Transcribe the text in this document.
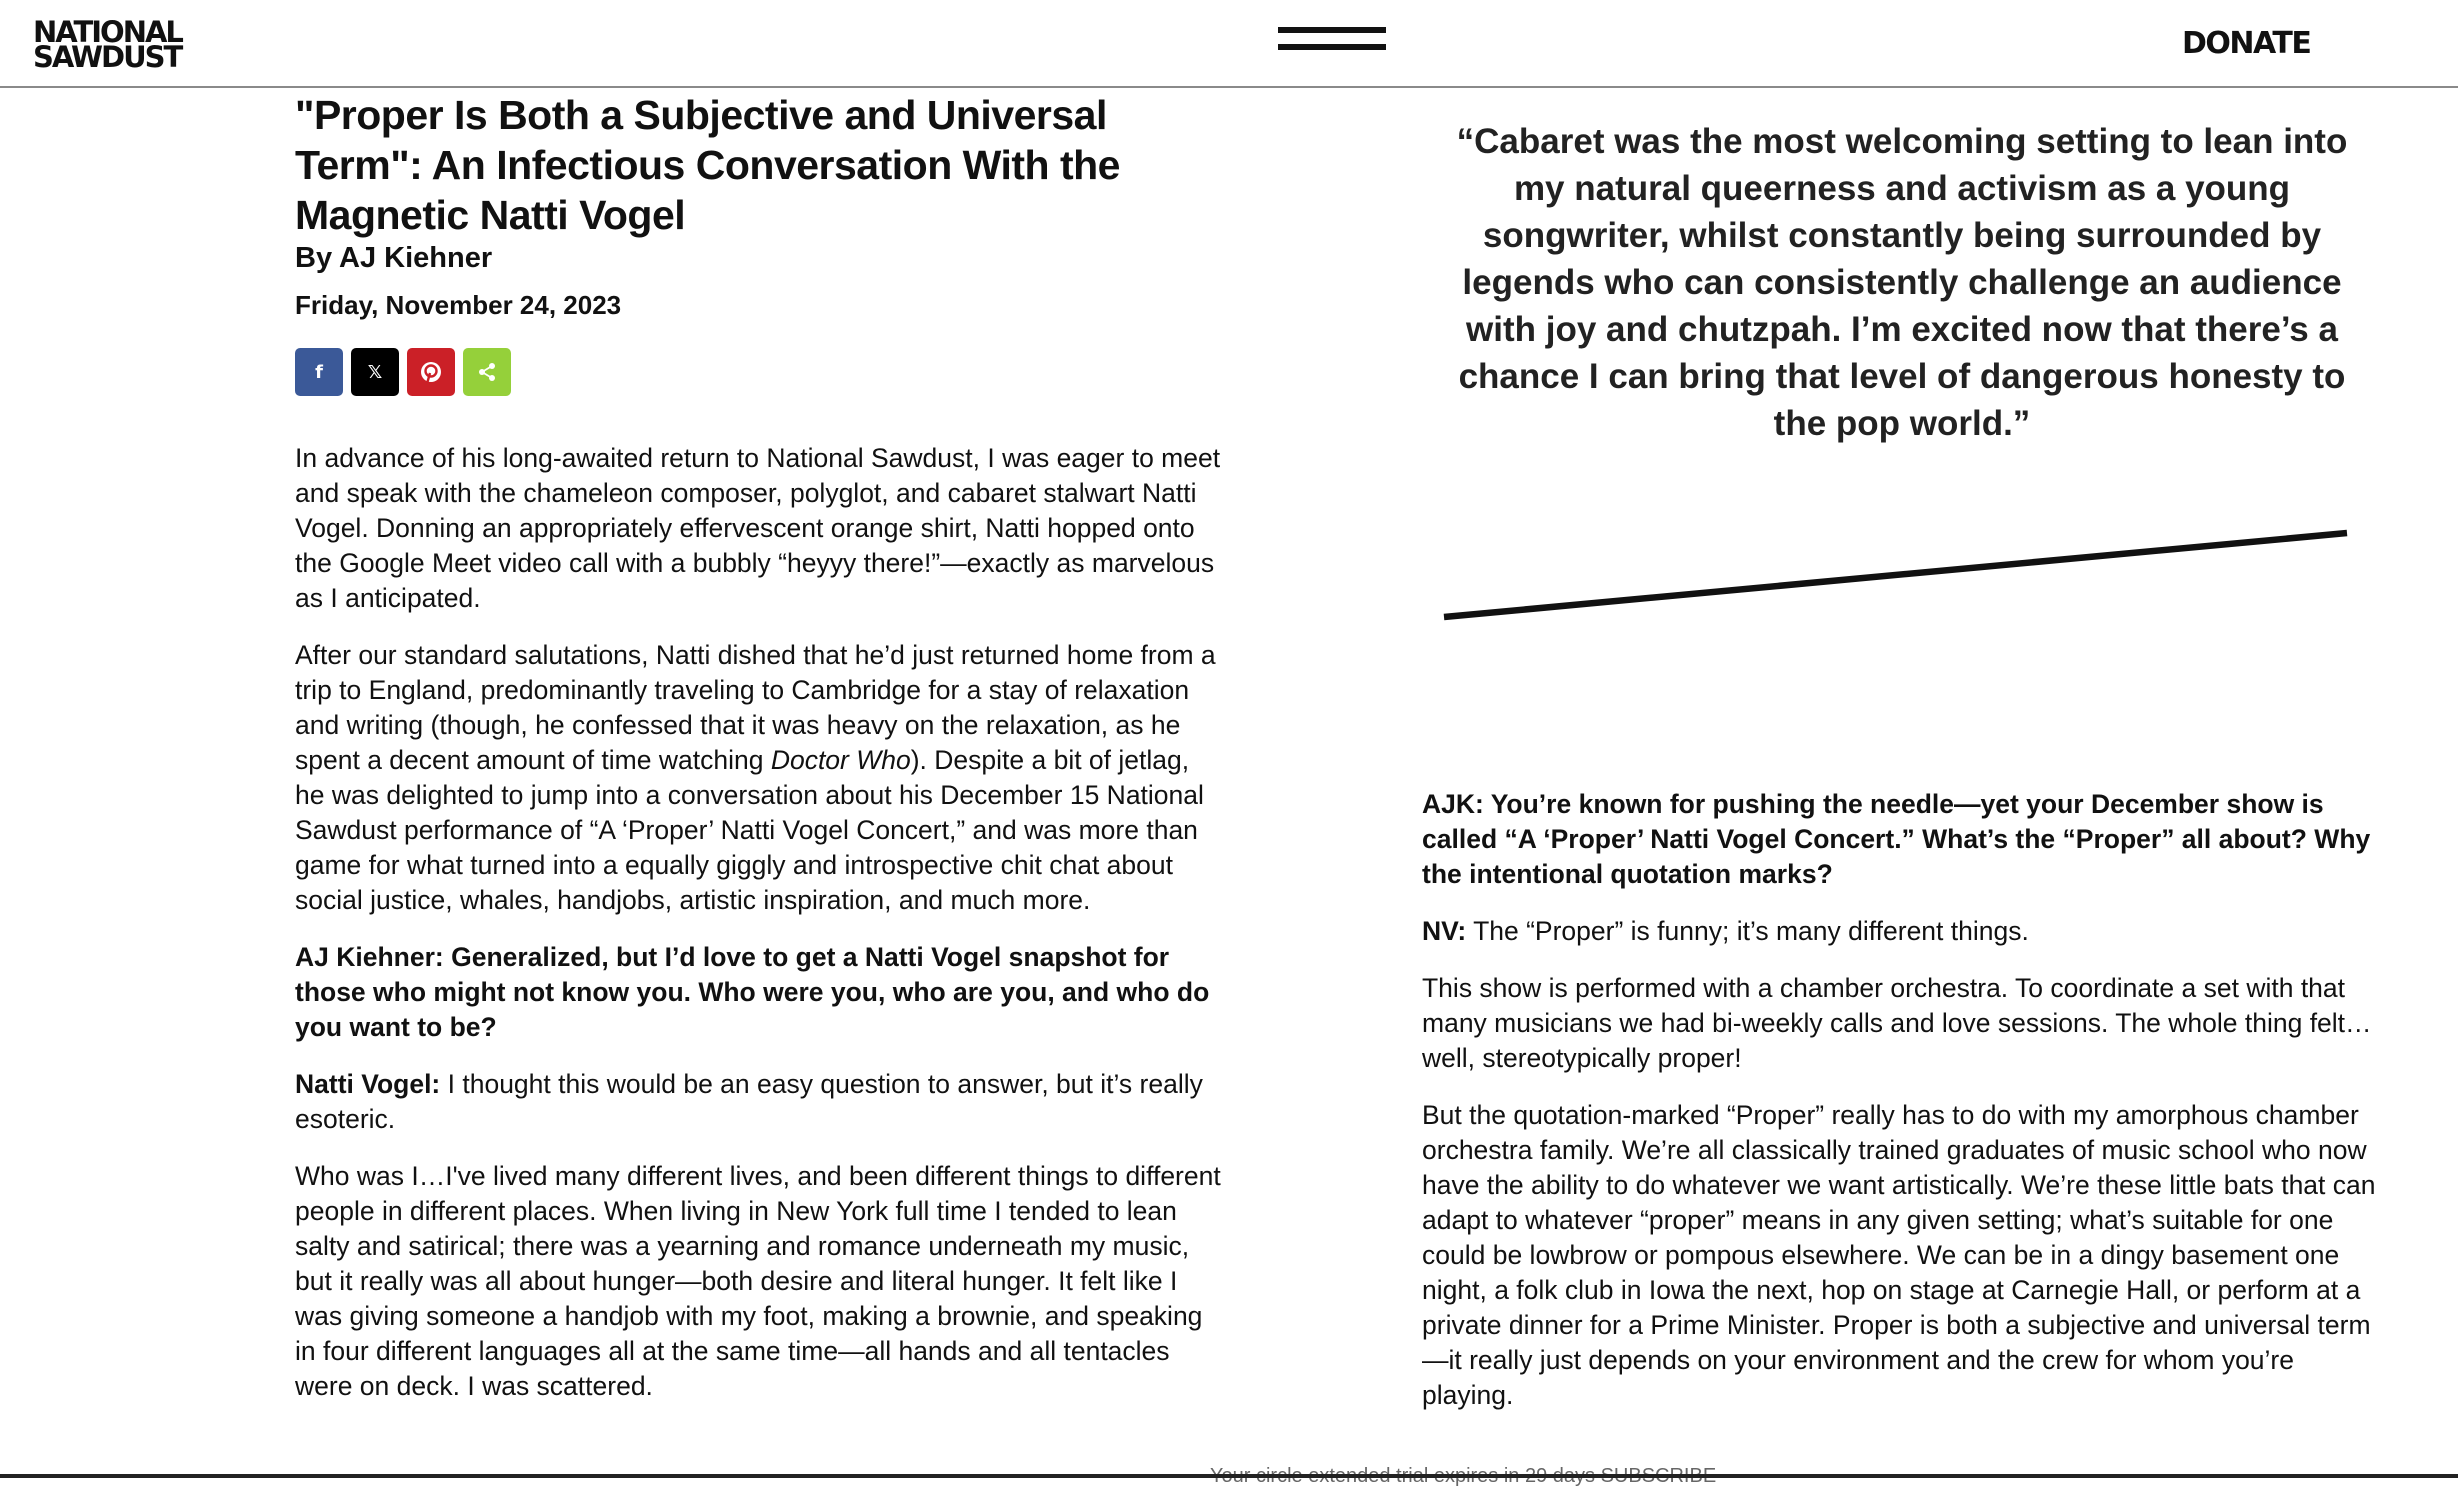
NATIONAL
SAWDUST	DONATE
"Proper Is Both a Subjective and Universal Term": An Infectious Conversation With the Magnetic Natti Vogel
By AJ Kiehner
Friday, November 24, 2023
f 𝕏

In advance of his long-awaited return to National Sawdust, I was eager to meet and speak with the chameleon composer, polyglot, and cabaret stalwart Natti Vogel. Donning an appropriately effervescent orange shirt, Natti hopped onto the Google Meet video call with a bubbly “heyyy there!”—exactly as marvelous as I anticipated.

After our standard salutations, Natti dished that he’d just returned home from a trip to England, predominantly traveling to Cambridge for a stay of relaxation and writing (though, he confessed that it was heavy on the relaxation, as he spent a decent amount of time watching Doctor Who). Despite a bit of jetlag, he was delighted to jump into a conversation about his December 15 National Sawdust performance of “A ‘Proper’ Natti Vogel Concert,” and was more than game for what turned into a equally giggly and introspective chit chat about social justice, whales, handjobs, artistic inspiration, and much more.

AJ Kiehner: Generalized, but I’d love to get a Natti Vogel snapshot for those who might not know you. Who were you, who are you, and who do you want to be?

Natti Vogel: I thought this would be an easy question to answer, but it’s really esoteric.

Who was I…I've lived many different lives, and been different things to different people in different places. When living in New York full time I tended to lean salty and satirical; there was a yearning and romance underneath my music, but it really was all about hunger—both desire and literal hunger. It felt like I was giving someone a handjob with my foot, making a brownie, and speaking in four different languages all at the same time—all hands and all tentacles were on deck. I was scattered.

“Cabaret was the most welcoming setting to lean into my natural queerness and activism as a young songwriter, whilst constantly being surrounded by legends who can consistently challenge an audience with joy and chutzpah. I’m excited now that there’s a chance I can bring that level of dangerous honesty to the pop world.”

AJK: You’re known for pushing the needle—yet your December show is called “A ‘Proper’ Natti Vogel Concert.” What’s the “Proper” all about? Why the intentional quotation marks?

NV: The “Proper” is funny; it’s many different things.

This show is performed with a chamber orchestra. To coordinate a set with that many musicians we had bi-weekly calls and love sessions. The whole thing felt…well, stereotypically proper!

But the quotation-marked “Proper” really has to do with my amorphous chamber orchestra family. We’re all classically trained graduates of music school who now have the ability to do whatever we want artistically. We’re these little bats that can adapt to whatever “proper” means in any given setting; what’s suitable for one could be lowbrow or pompous elsewhere. We can be in a dingy basement one night, a folk club in Iowa the next, hop on stage at Carnegie Hall, or perform at a private dinner for a Prime Minister. Proper is both a subjective and universal term—it really just depends on your environment and the crew for whom you’re playing.
